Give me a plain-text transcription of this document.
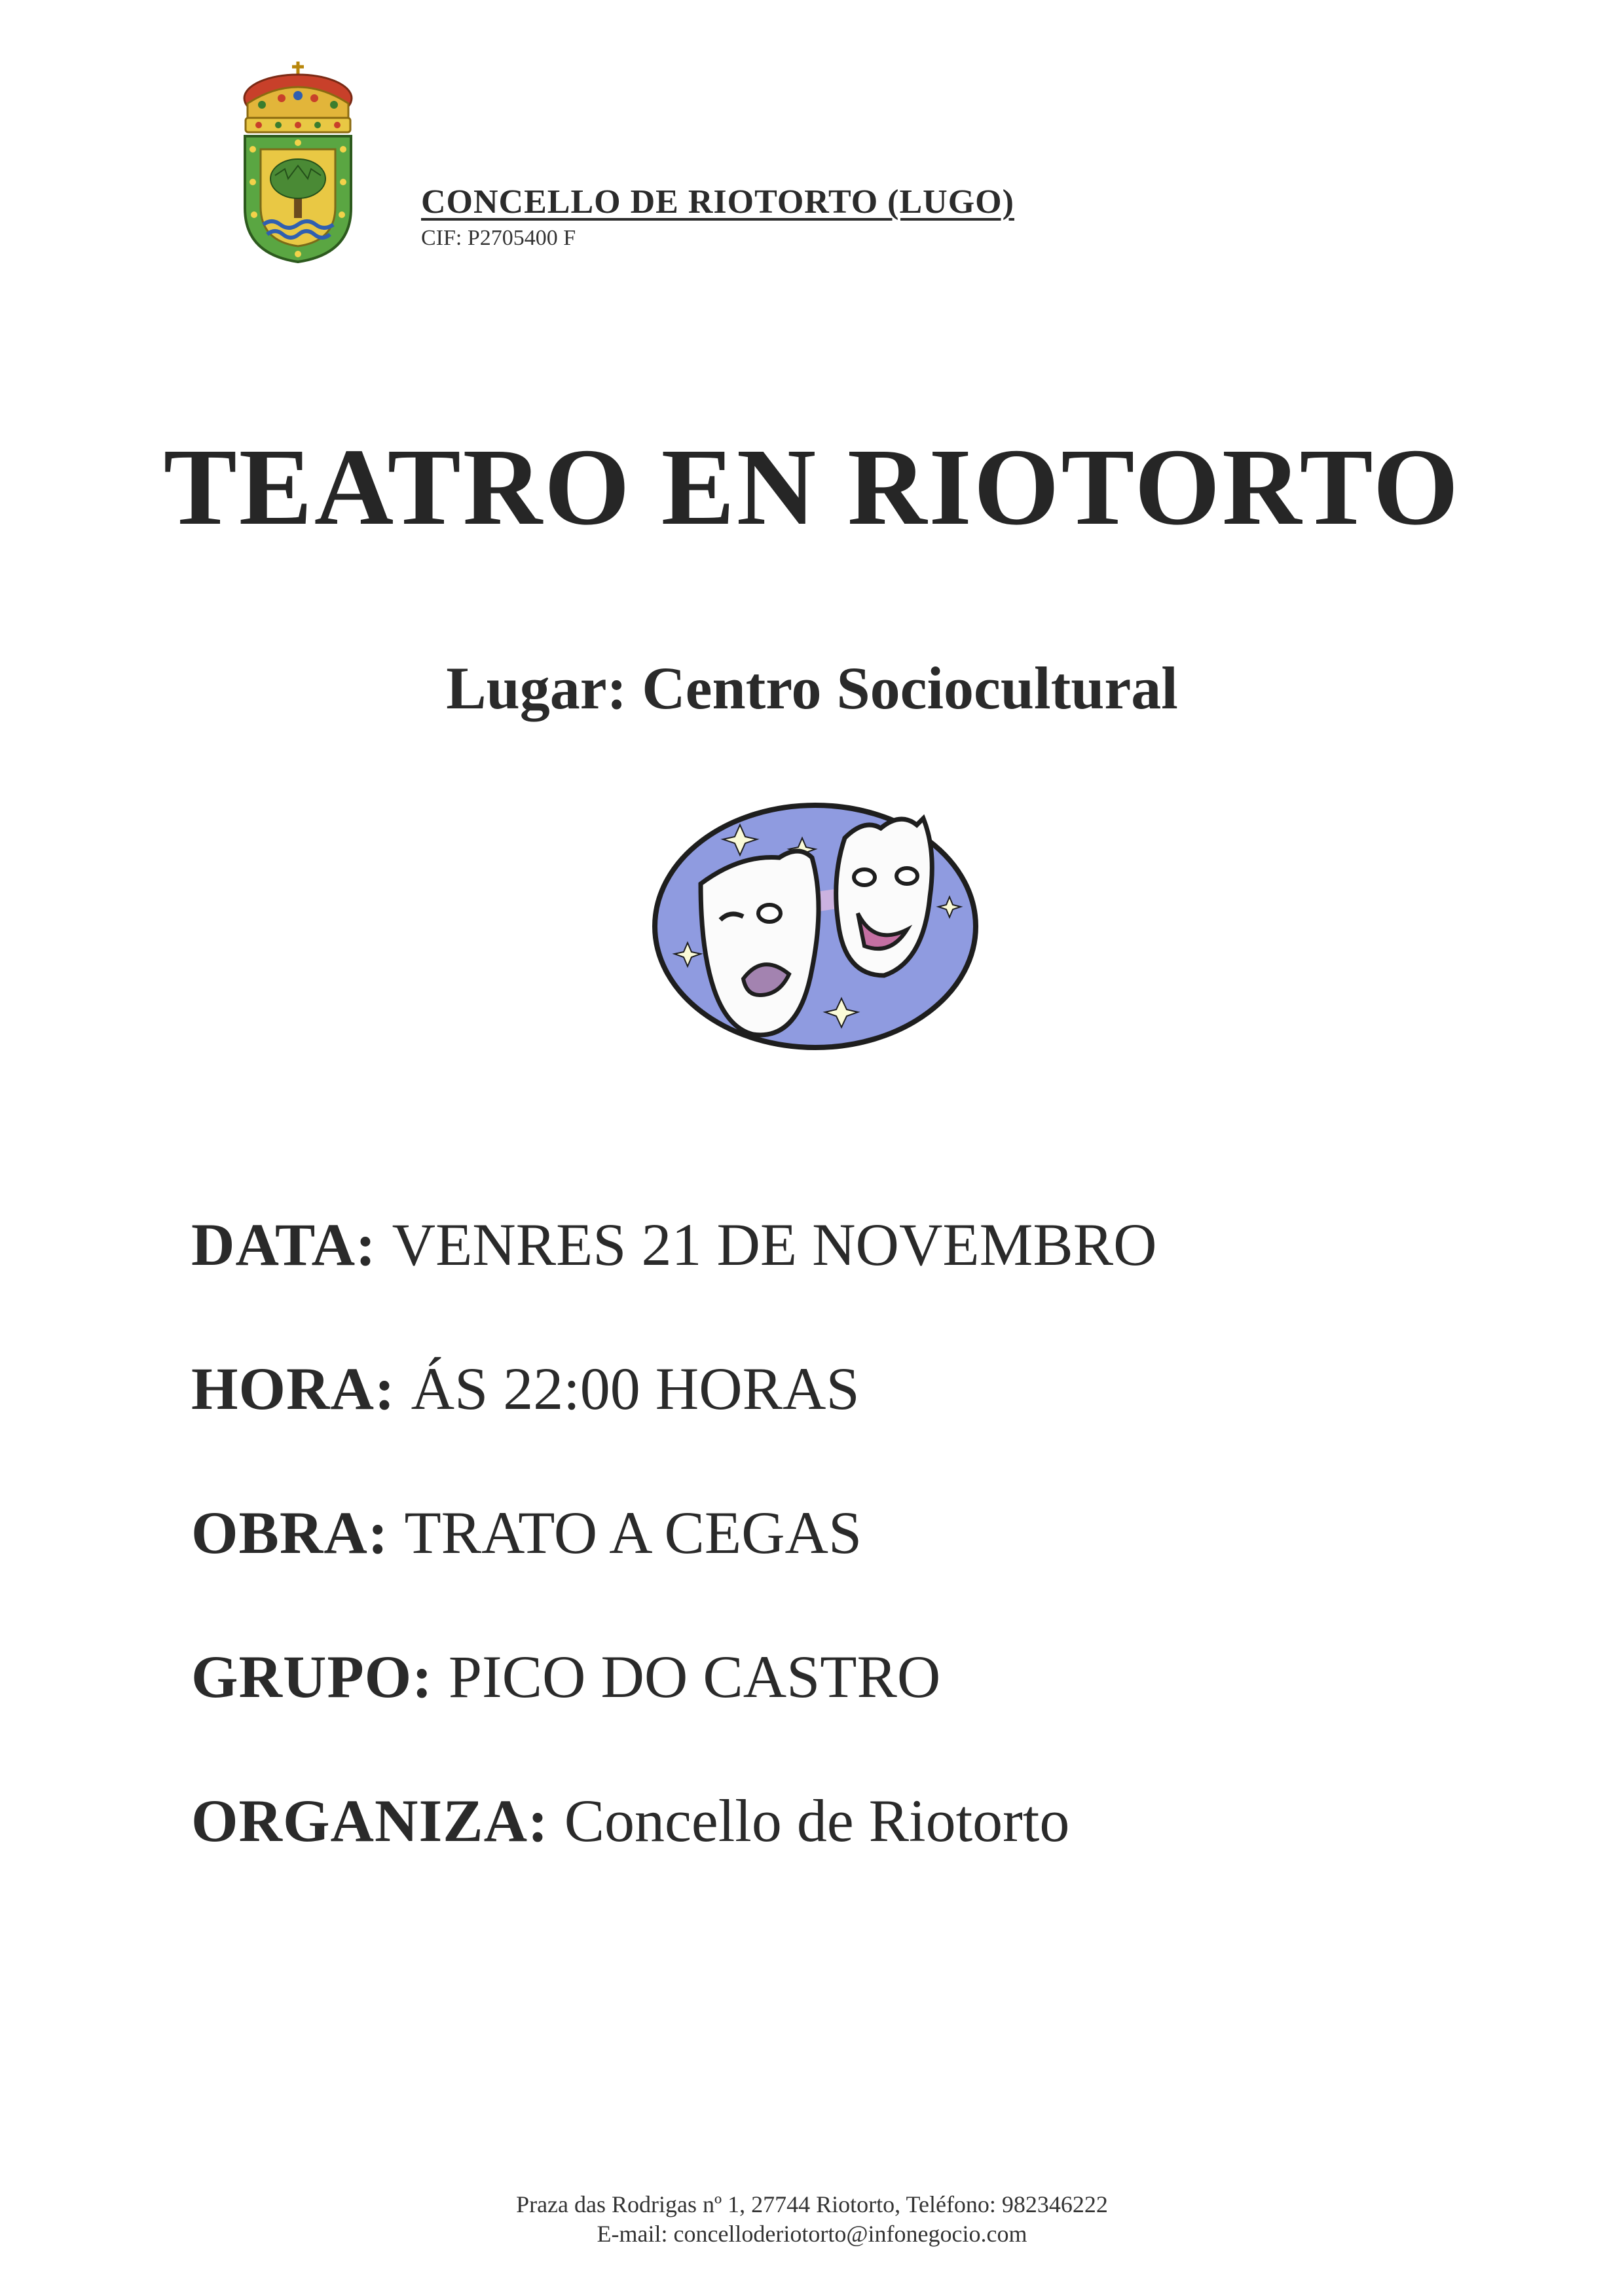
CONCELLO DE RIOTORTO (LUGO)
CIF: P2705400 F
TEATRO EN RIOTORTO
Lugar: Centro Sociocultural
DATA: VENRES 21 DE NOVEMBRO
HORA: ÁS 22:00 HORAS
OBRA: TRATO A CEGAS
GRUPO: PICO DO CASTRO
ORGANIZA: Concello de Riotorto
Praza das Rodrigas nº 1, 27744 Riotorto, Teléfono: 982346222
E-mail: concelloderiotorto@infonegocio.com
